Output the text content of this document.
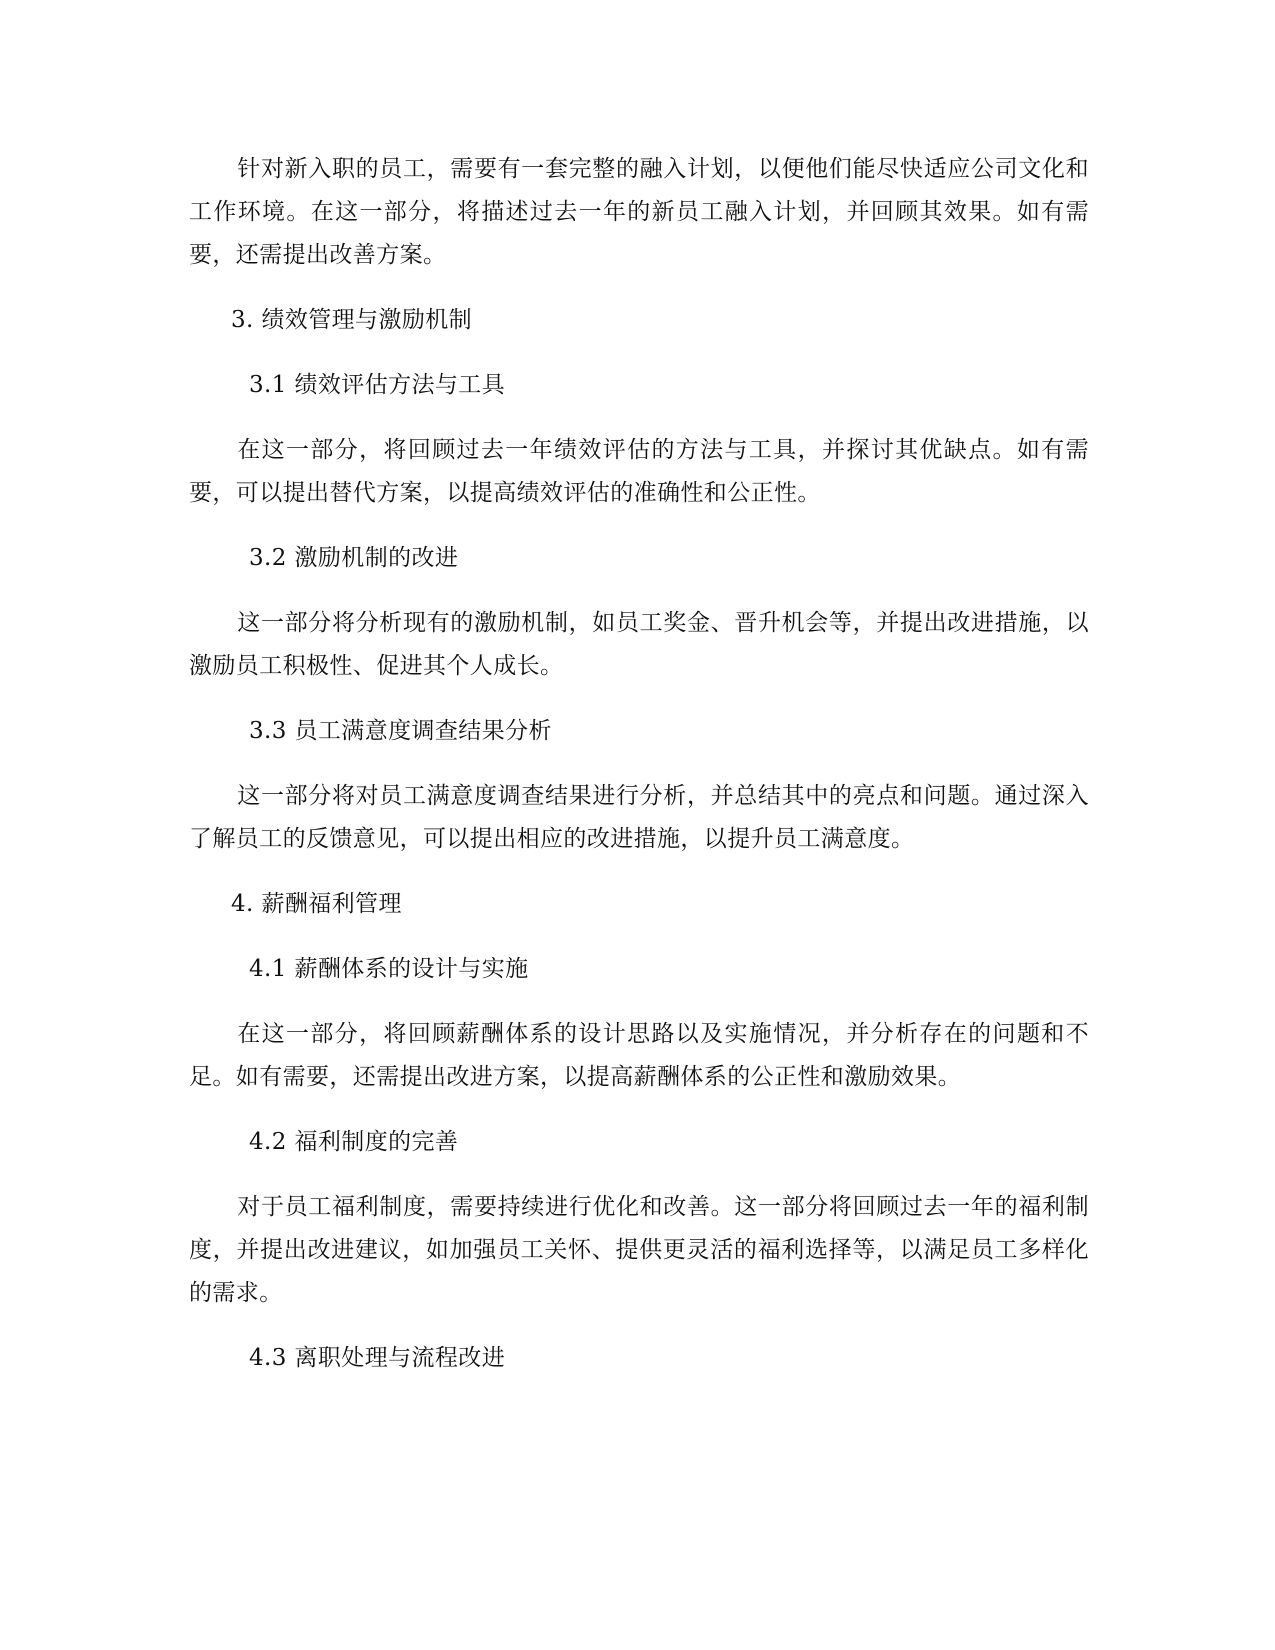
针对新入职的员工，需要有一套完整的融入计划，以便他们能尽快适应公司文化和工作环境。在这一部分，将描述过去一年的新员工融入计划，并回顾其效果。如有需要，还需提出改善方案。

3. 绩效管理与激励机制
3.1 绩效评估方法与工具

在这一部分，将回顾过去一年绩效评估的方法与工具，并探讨其优缺点。如有需要，可以提出替代方案，以提高绩效评估的准确性和公正性。

3.2 激励机制的改进

这一部分将分析现有的激励机制，如员工奖金、晋升机会等，并提出改进措施，以激励员工积极性、促进其个人成长。

3.3 员工满意度调查结果分析

这一部分将对员工满意度调查结果进行分析，并总结其中的亮点和问题。通过深入了解员工的反馈意见，可以提出相应的改进措施，以提升员工满意度。

4. 薪酬福利管理
4.1 薪酬体系的设计与实施

在这一部分，将回顾薪酬体系的设计思路以及实施情况，并分析存在的问题和不足。如有需要，还需提出改进方案，以提高薪酬体系的公正性和激励效果。

4.2 福利制度的完善

对于员工福利制度，需要持续进行优化和改善。这一部分将回顾过去一年的福利制度，并提出改进建议，如加强员工关怀、提供更灵活的福利选择等，以满足员工多样化的需求。

4.3 离职处理与流程改进
